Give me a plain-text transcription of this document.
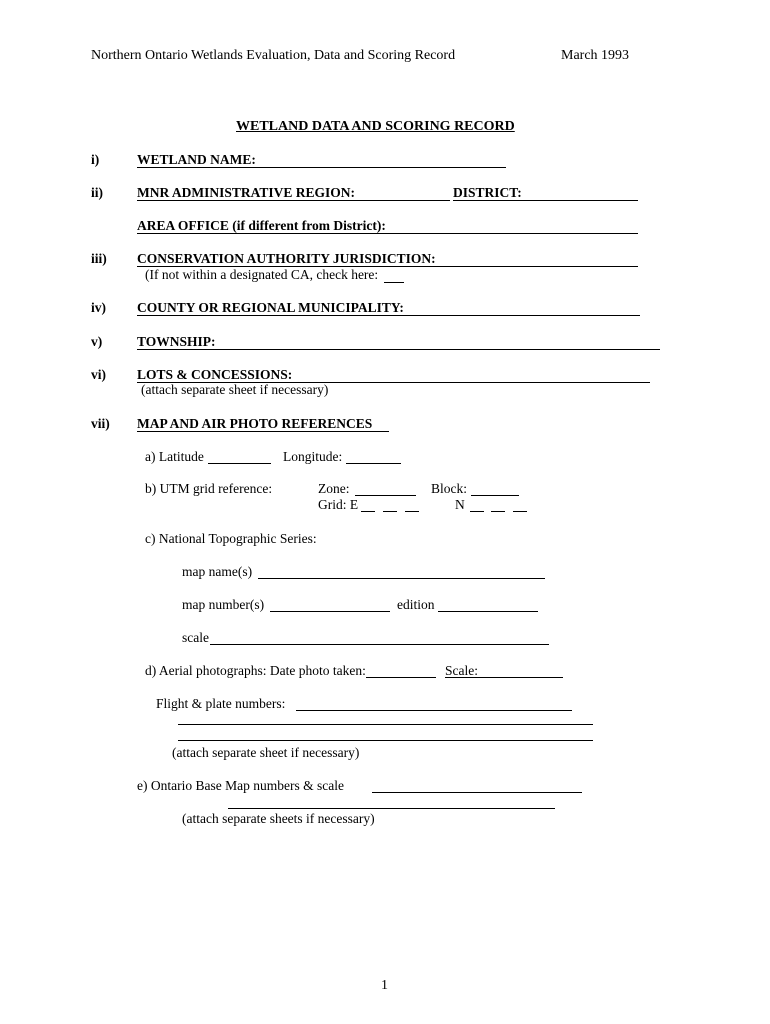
Northern Ontario Wetlands Evaluation, Data and Scoring Record	March 1993
WETLAND DATA AND SCORING RECORD
i)	WETLAND NAME:
ii)	MNR ADMINISTRATIVE REGION:	DISTRICT:
AREA OFFICE (if different from District):
iii) CONSERVATION AUTHORITY JURISDICTION:
(If not within a designated CA, check here:
iv) COUNTY OR REGIONAL MUNICIPALITY:
v)	TOWNSHIP:
vi) LOTS & CONCESSIONS:
(attach separate sheet if necessary)
vii) MAP AND AIR PHOTO REFERENCES
a) Latitude	Longitude:
b) UTM grid reference:	Zone:	Block:
Grid: E	N
c) National Topographic Series:
map name(s)
map number(s)	edition
scale
d) Aerial photographs: Date photo taken:	Scale:
Flight & plate numbers:
(attach separate sheet if necessary)
e) Ontario Base Map numbers & scale
(attach separate sheets if necessary)
1
